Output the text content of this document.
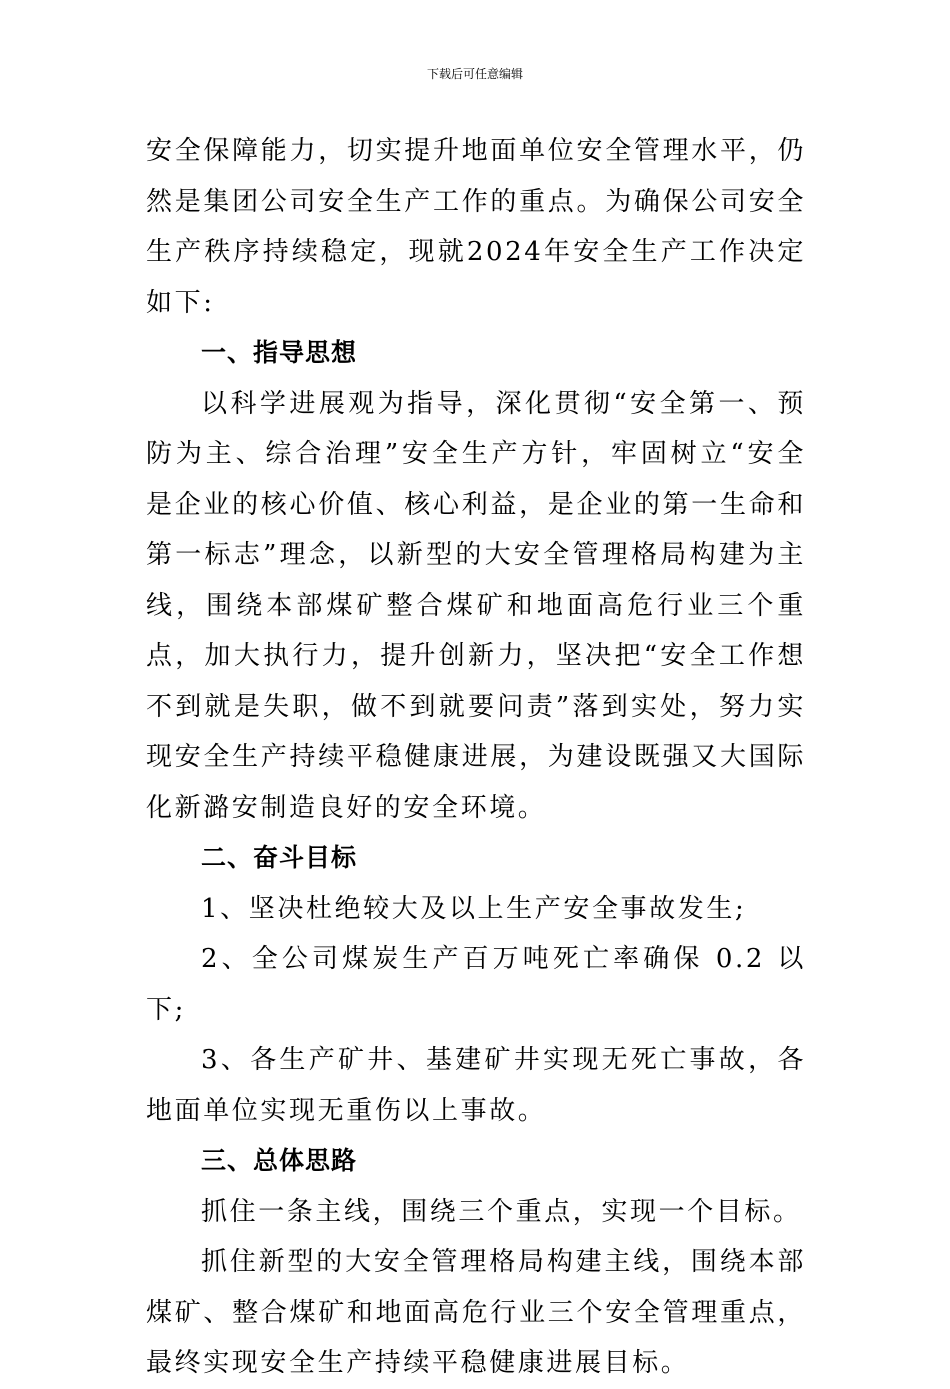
下载后可任意编辑

安全保障能力，切实提升地面单位安全管理水平，仍然是集团公司安全生产工作的重点。为确保公司安全生产秩序持续稳定，现就2024年安全生产工作决定如下:

一、指导思想

以科学进展观为指导，深化贯彻“安全第一、预防为主、综合治理”安全生产方针，牢固树立“安全是企业的核心价值、核心利益，是企业的第一生命和第一标志”理念，以新型的大安全管理格局构建为主线，围绕本部煤矿整合煤矿和地面高危行业三个重点，加大执行力，提升创新力，坚决把“安全工作想不到就是失职，做不到就要问责”落到实处，努力实现安全生产持续平稳健康进展，为建设既强又大国际化新潞安制造良好的安全环境。

二、奋斗目标

1、坚决杜绝较大及以上生产安全事故发生;

2、全公司煤炭生产百万吨死亡率确保 0.2 以下;

3、各生产矿井、基建矿井实现无死亡事故，各地面单位实现无重伤以上事故。

三、总体思路

抓住一条主线，围绕三个重点，实现一个目标。

抓住新型的大安全管理格局构建主线，围绕本部煤矿、整合煤矿和地面高危行业三个安全管理重点，最终实现安全生产持续平稳健康进展目标。
